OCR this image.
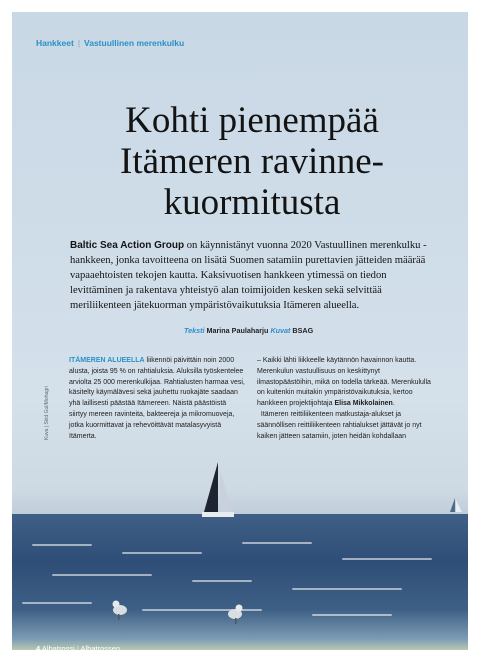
Hankkeet | Vastuullinen merenkulku
Kohti pienempää
Itämeren ravinne-
kuormitusta

Baltic Sea Action Group on käynnistänyt vuonna 2020 Vastuullinen merenkulku -hankkeen, jonka tavoitteena on lisätä Suomen satamiin purettavien jätteiden määrää vapaaehtoisten tekojen kautta. Kaksivuotisen hankkeen ytimessä on tiedon levittäminen ja rakentava yhteistyö alan toimijoiden kesken sekä selvittää meriliikenteen jätekuorman ympäristövaikutuksia Itämeren alueella.

Teksti Marina Paulaharju Kuvat BSAG
Kuva | Skid Gul/Mohagri

ITÄMEREN ALUEELLA liikennöi päivittäin noin 2000 alusta, joista 95 % on rahtialuksia. Aluksilla työskentelee arviolta 25 000 merenkulkijaa. Rahtialusten harmaa vesi, käsitelty käymälävesi sekä jauhettu ruokajäte saadaan yhä laillisesti päästää Itämereen. Näistä päästöistä siirtyy mereen ravinteita, bakteereja ja mikromuoveja, jotka kuormittavat ja rehevöittävät matalasyvyistä Itämerta.

– Kaikki lähti liikkeelle käytännön havainnon kautta. Merenkulun vastuullisuus on keskittynyt ilmastopäästöihin, mikä on todella tärkeää. Merenkululla on kuitenkin muitakin ympäristövaikutuksia, kertoo hankkeen projektijohtaja Elisa Mikkolainen.
Itämeren reittiliikenteen matkustaja-alukset ja säännöllisen reittiliikenteen rahtialukset jättävät jo nyt kaiken jätteen satamiin, joten heidän kohdallaan

4 Albatrossi | Albatrossen
